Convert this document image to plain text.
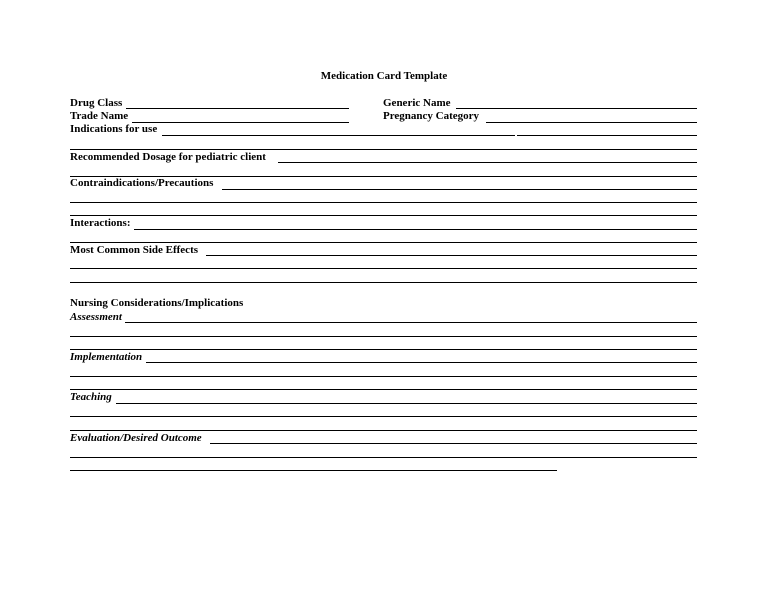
Medication Card Template
Drug Class	Generic Name
Trade Name	Pregnancy Category
Indications for use
Recommended Dosage for pediatric client
Contraindications/Precautions
Interactions:
Most Common Side Effects
Nursing Considerations/Implications
Assessment
Implementation
Teaching
Evaluation/Desired Outcome
